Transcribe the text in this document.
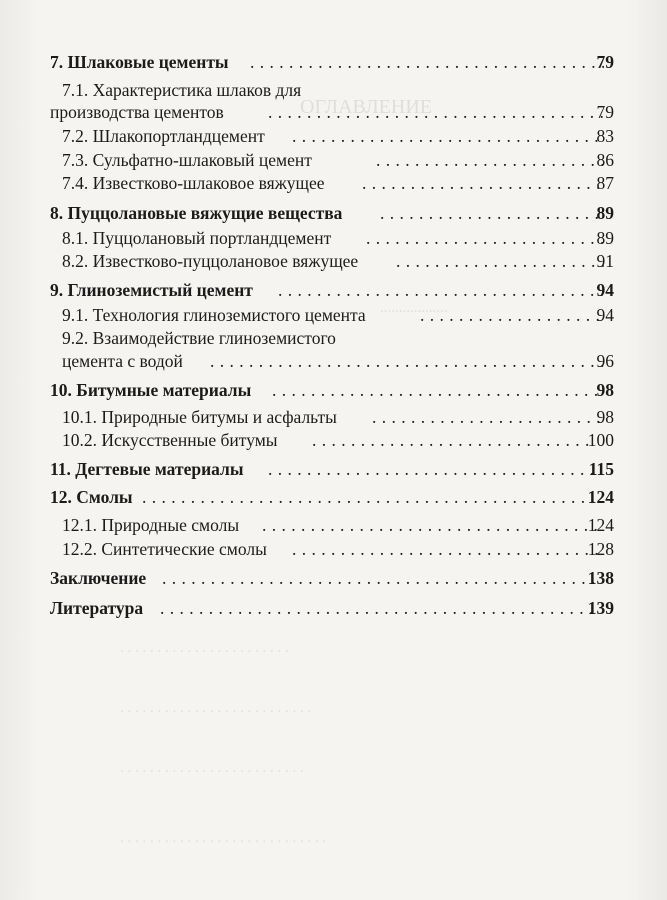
ОГЛАВЛЕНИЕ
..................
. . . . . . . . . . . . . . . . . . . . . . .
. . . . . . . . . . . . . . . . . . . . . . . . . .
. . . . . . . . . . . . . . . . . . . . . . . . .
. . . . . . . . . . . . . . . . . . . . . . . . . . . .
7. Шлаковые цементы . . .	79
7.1. Характеристика шлаков для
производства цементов . . .	79
7.2. Шлакопортландцемент . . .	83
7.3. Сульфатно-шлаковый цемент . . .	86
7.4. Известково-шлаковое вяжущее . . .	87
8. Пуццолановые вяжущие вещества . . .	89
8.1. Пуццолановый портландцемент . . .	89
8.2. Известково-пуццолановое вяжущее . . .	91
9. Глиноземистый цемент . . .	94
9.1. Технология глиноземистого цемента . . .	94
9.2. Взаимодействие глиноземистого
цемента с водой . . .	96
10. Битумные материалы . . .	98
10.1. Природные битумы и асфальты . . .	98
10.2. Искусственные битумы . . .	100
11. Дегтевые материалы . . .	115
12. Смолы . . .	124
12.1. Природные смолы . . .	124
12.2. Синтетические смолы . . .	128
Заключение . . .	138
Литература . . .	139
